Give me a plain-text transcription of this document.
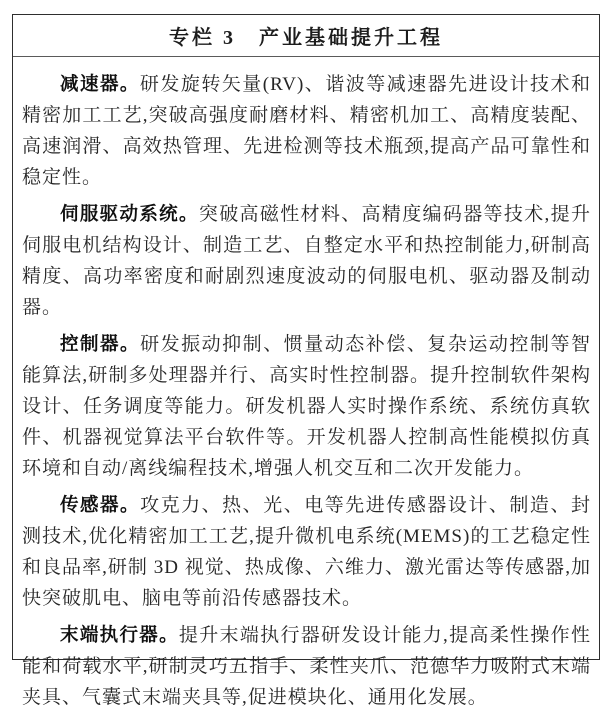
专栏 3　产业基础提升工程

减速器。研发旋转矢量(RV)、谐波等减速器先进设计技术和精密加工工艺,突破高强度耐磨材料、精密机加工、高精度装配、高速润滑、高效热管理、先进检测等技术瓶颈,提高产品可靠性和稳定性。

伺服驱动系统。突破高磁性材料、高精度编码器等技术,提升伺服电机结构设计、制造工艺、自整定水平和热控制能力,研制高精度、高功率密度和耐剧烈速度波动的伺服电机、驱动器及制动器。

控制器。研发振动抑制、惯量动态补偿、复杂运动控制等智能算法,研制多处理器并行、高实时性控制器。提升控制软件架构设计、任务调度等能力。研发机器人实时操作系统、系统仿真软件、机器视觉算法平台软件等。开发机器人控制高性能模拟仿真环境和自动/离线编程技术,增强人机交互和二次开发能力。

传感器。攻克力、热、光、电等先进传感器设计、制造、封测技术,优化精密加工工艺,提升微机电系统(MEMS)的工艺稳定性和良品率,研制 3D 视觉、热成像、六维力、激光雷达等传感器,加快突破肌电、脑电等前沿传感器技术。

末端执行器。提升末端执行器研发设计能力,提高柔性操作性能和荷载水平,研制灵巧五指手、柔性夹爪、范德华力吸附式末端夹具、气囊式末端夹具等,促进模块化、通用化发展。
